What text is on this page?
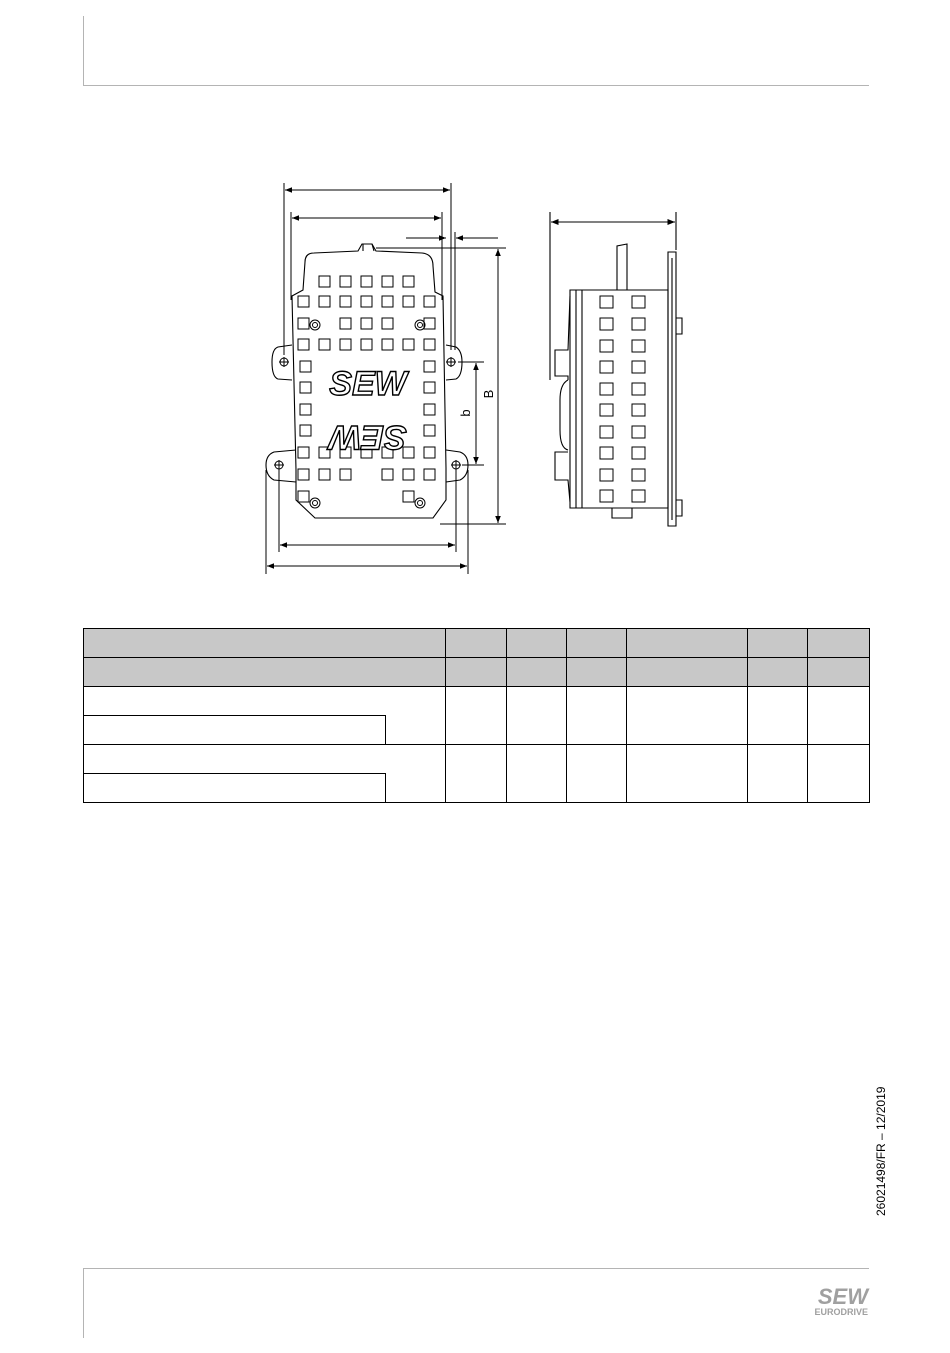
SEW
SEW
B
b

26021498/FR – 12/2019
SEW
EURODRIVE
